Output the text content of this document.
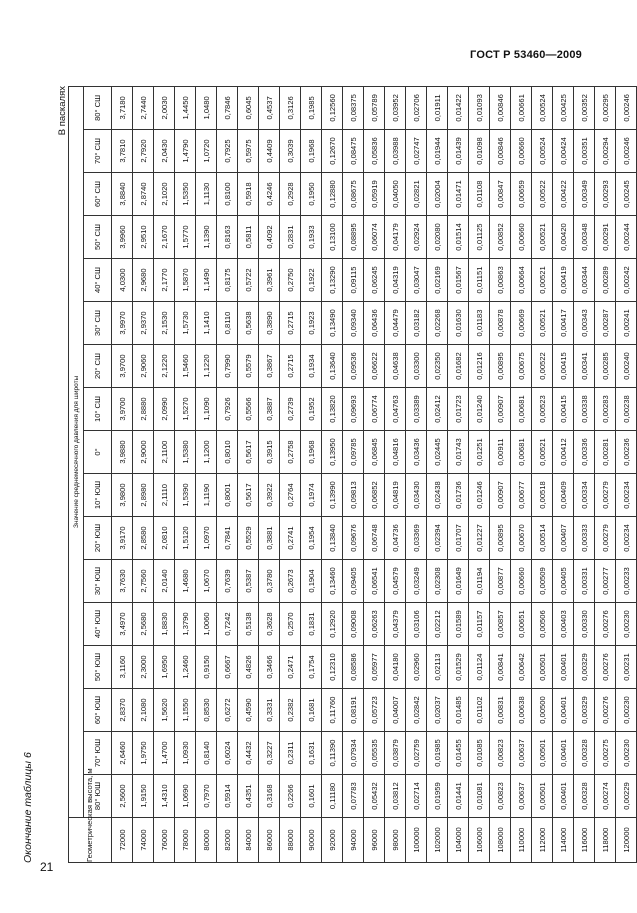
ГОСТ Р 53460—2009
Окончание таблицы 6
В паскалях
Геометрическая высота, м	Значение среднемесячного давления для широты																
	80° ЮШ	70° ЮШ	60° ЮШ	50° ЮШ	40° ЮШ	30° ЮШ	20° ЮШ	10° ЮШ	0°	10° СШ	20° СШ	30° СШ	40° СШ	50° СШ	60° СШ	70° СШ	80° СШ
72000	2,5600	2,6460	2,8370	3,1160	3,4970	3,7630	3,9170	3,9800	3,9880	3,9700	3,9700	3,9970	4,0300	3,9960	3,8840	3,7810	3,7180
74000	1,9150	1,9750	2,1080	2,3000	2,5680	2,7560	2,8580	2,8980	2,9000	2,8880	2,9060	2,9370	2,9680	2,9510	2,8740	2,7920	2,7440
76000	1,4310	1,4700	1,5620	1,6950	1,8830	2,0140	2,0810	2,1110	2,1100	2,0990	2,1220	2,1530	2,1770	2,1670	2,1020	2,0430	2,0030
78000	1,0690	1,0930	1,1550	1,2460	1,3790	1,4680	1,5120	1,5390	1,5380	1,5270	1,5460	1,5730	1,5870	1,5770	1,5350	1,4790	1,4450
80000	0,7970	0,8140	0,8530	0,9150	1,0060	1,0670	1,0970	1,1190	1,1200	1,1090	1,1220	1,1410	1,1490	1,1390	1,1130	1,0720	1,0480
82000	0,5914	0,6024	0,6272	0,6667	0,7242	0,7639	0,7841	0,8001	0,8010	0,7926	0,7990	0,8110	0,8175	0,8163	0,8100	0,7925	0,7846
84000	0,4351	0,4432	0,4590	0,4826	0,5138	0,5387	0,5529	0,5617	0,5617	0,5566	0,5579	0,5638	0,5722	0,5811	0,5918	0,5975	0,6045
86000	0,3168	0,3227	0,3331	0,3466	0,3628	0,3780	0,3881	0,3922	0,3915	0,3887	0,3867	0,3890	0,3961	0,4092	0,4246	0,4409	0,4537
88000	0,2266	0,2311	0,2382	0,2471	0,2570	0,2673	0,2741	0,2764	0,2758	0,2739	0,2715	0,2715	0,2750	0,2831	0,2928	0,3039	0,3126
90000	0,1601	0,1631	0,1681	0,1754	0,1831	0,1904	0,1954	0,1974	0,1968	0,1952	0,1934	0,1923	0,1922	0,1933	0,1950	0,1968	0,1985
92000	0,11180	0,11390	0,11760	0,12310	0,12920	0,13460	0,13840	0,13990	0,13950	0,13820	0,13640	0,13490	0,13290	0,13100	0,12880	0,12670	0,12560
94000	0,07783	0,07934	0,08191	0,08586	0,09008	0,09405	0,09676	0,09813	0,09785	0,09693	0,09536	0,09340	0,09115	0,08895	0,08675	0,08475	0,08375
96000	0,05432	0,05535	0,05723	0,05977	0,06263	0,06541	0,06748	0,06852	0,06845	0,06774	0,06622	0,06436	0,06245	0,06074	0,05919	0,05836	0,05789
98000	0,03812	0,03879	0,04007	0,04180	0,04379	0,04579	0,04736	0,04819	0,04816	0,04763	0,04638	0,04479	0,04319	0,04179	0,04050	0,03988	0,03952
100000	0,02714	0,02759	0,02842	0,02960	0,03106	0,03249	0,03369	0,03430	0,03436	0,03389	0,03300	0,03182	0,03047	0,02924	0,02821	0,02747	0,02706
102000	0,01959	0,01985	0,02037	0,02113	0,02212	0,02308	0,02394	0,02438	0,02445	0,02412	0,02350	0,02268	0,02169	0,02080	0,02004	0,01944	0,01911
104000	0,01441	0,01455	0,01485	0,01529	0,01589	0,01649	0,01707	0,01736	0,01743	0,01723	0,01682	0,01630	0,01567	0,01514	0,01471	0,01439	0,01422
106000	0,01081	0,01085	0,01102	0,01124	0,01157	0,01194	0,01227	0,01246	0,01251	0,01240	0,01216	0,01183	0,01151	0,01125	0,01108	0,01098	0,01093
108000	0,00823	0,00823	0,00831	0,00841	0,00857	0,00877	0,00895	0,00907	0,00911	0,00907	0,00895	0,00878	0,00863	0,00852	0,00847	0,00846	0,00846
110000	0,00637	0,00637	0,00638	0,00642	0,00651	0,00660	0,00670	0,00677	0,00681	0,00681	0,00675	0,00669	0,00664	0,00660	0,00659	0,00660	0,00661
112000	0,00501	0,00501	0,00500	0,00501	0,00506	0,00509	0,00514	0,00518	0,00521	0,00523	0,00522	0,00521	0,00521	0,00521	0,00522	0,00524	0,00524
114000	0,00401	0,00401	0,00401	0,00401	0,00403	0,00405	0,00407	0,00409	0,00412	0,00415	0,00415	0,00417	0,00419	0,00420	0,00422	0,00424	0,00425
116000	0,00328	0,00328	0,00329	0,00329	0,00330	0,00331	0,00333	0,00334	0,00336	0,00338	0,00341	0,00343	0,00344	0,00348	0,00349	0,00351	0,00352
118000	0,00274	0,00275	0,00276	0,00276	0,00276	0,00277	0,00279	0,00279	0,00281	0,00283	0,00285	0,00287	0,00289	0,00291	0,00293	0,00294	0,00295
120000	0,00229	0,00230	0,00230	0,00231	0,00230	0,00233	0,00234	0,00234	0,00236	0,00238	0,00240	0,00241	0,00242	0,00244	0,00245	0,00246	0,00246
21
